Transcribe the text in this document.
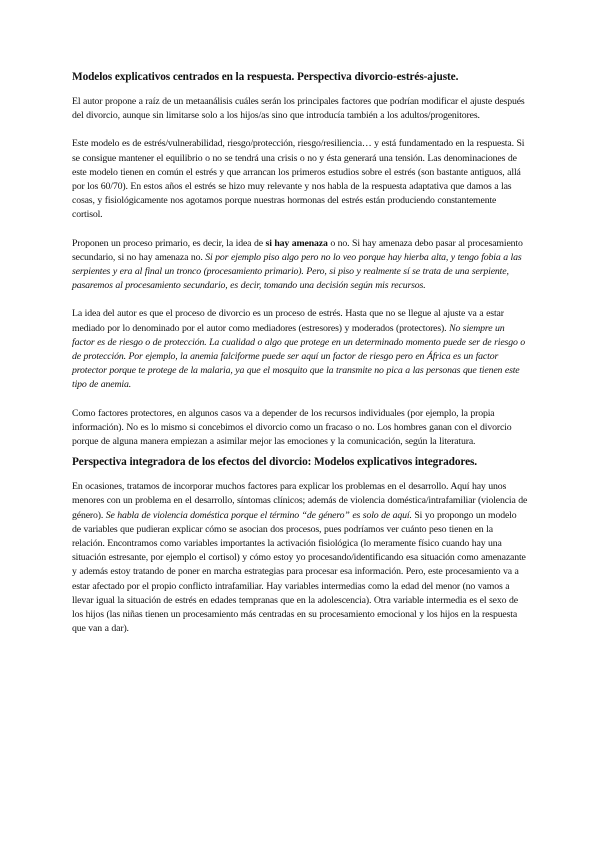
Modelos explicativos centrados en la respuesta. Perspectiva divorcio-estrés-ajuste.

El autor propone a raíz de un metaanálisis cuáles serán los principales factores que podrían modificar el ajuste después del divorcio, aunque sin limitarse solo a los hijos/as sino que introducía también a los adultos/progenitores.

Este modelo es de estrés/vulnerabilidad, riesgo/protección, riesgo/resiliencia… y está fundamentado en la respuesta. Si se consigue mantener el equilibrio o no se tendrá una crisis o no y ésta generará una tensión. Las denominaciones de este modelo tienen en común el estrés y que arrancan los primeros estudios sobre el estrés (son bastante antiguos, allá por los 60/70). En estos años el estrés se hizo muy relevante y nos habla de la respuesta adaptativa que damos a las cosas, y fisiológicamente nos agotamos porque nuestras hormonas del estrés están produciendo constantemente cortisol.

Proponen un proceso primario, es decir, la idea de si hay amenaza o no. Si hay amenaza debo pasar al procesamiento secundario, si no hay amenaza no. Si por ejemplo piso algo pero no lo veo porque hay hierba alta, y tengo fobia a las serpientes y era al final un tronco (procesamiento primario). Pero, si piso y realmente sí se trata de una serpiente, pasaremos al procesamiento secundario, es decir, tomando una decisión según mis recursos.

La idea del autor es que el proceso de divorcio es un proceso de estrés. Hasta que no se llegue al ajuste va a estar mediado por lo denominado por el autor como mediadores (estresores) y moderados (protectores). No siempre un factor es de riesgo o de protección. La cualidad o algo que protege en un determinado momento puede ser de riesgo o de protección. Por ejemplo, la anemia falciforme puede ser aquí un factor de riesgo pero en África es un factor protector porque te protege de la malaria, ya que el mosquito que la transmite no pica a las personas que tienen este tipo de anemia.

Como factores protectores, en algunos casos va a depender de los recursos individuales (por ejemplo, la propia información). No es lo mismo si concebimos el divorcio como un fracaso o no. Los hombres ganan con el divorcio porque de alguna manera empiezan a asimilar mejor las emociones y la comunicación, según la literatura.

Perspectiva integradora de los efectos del divorcio: Modelos explicativos integradores.

En ocasiones, tratamos de incorporar muchos factores para explicar los problemas en el desarrollo. Aquí hay unos menores con un problema en el desarrollo, síntomas clínicos; además de violencia doméstica/intrafamiliar (violencia de género). Se habla de violencia doméstica porque el término “de género” es solo de aquí. Si yo propongo un modelo de variables que pudieran explicar cómo se asocian dos procesos, pues podríamos ver cuánto peso tienen en la relación. Encontramos como variables importantes la activación fisiológica (lo meramente físico cuando hay una situación estresante, por ejemplo el cortisol) y cómo estoy yo procesando/identificando esa situación como amenazante y además estoy tratando de poner en marcha estrategias para procesar esa información. Pero, este procesamiento va a estar afectado por el propio conflicto intrafamiliar. Hay variables intermedias como la edad del menor (no vamos a llevar igual la situación de estrés en edades tempranas que en la adolescencia). Otra variable intermedia es el sexo de los hijos (las niñas tienen un procesamiento más centradas en su procesamiento emocional y los hijos en la respuesta que van a dar).
